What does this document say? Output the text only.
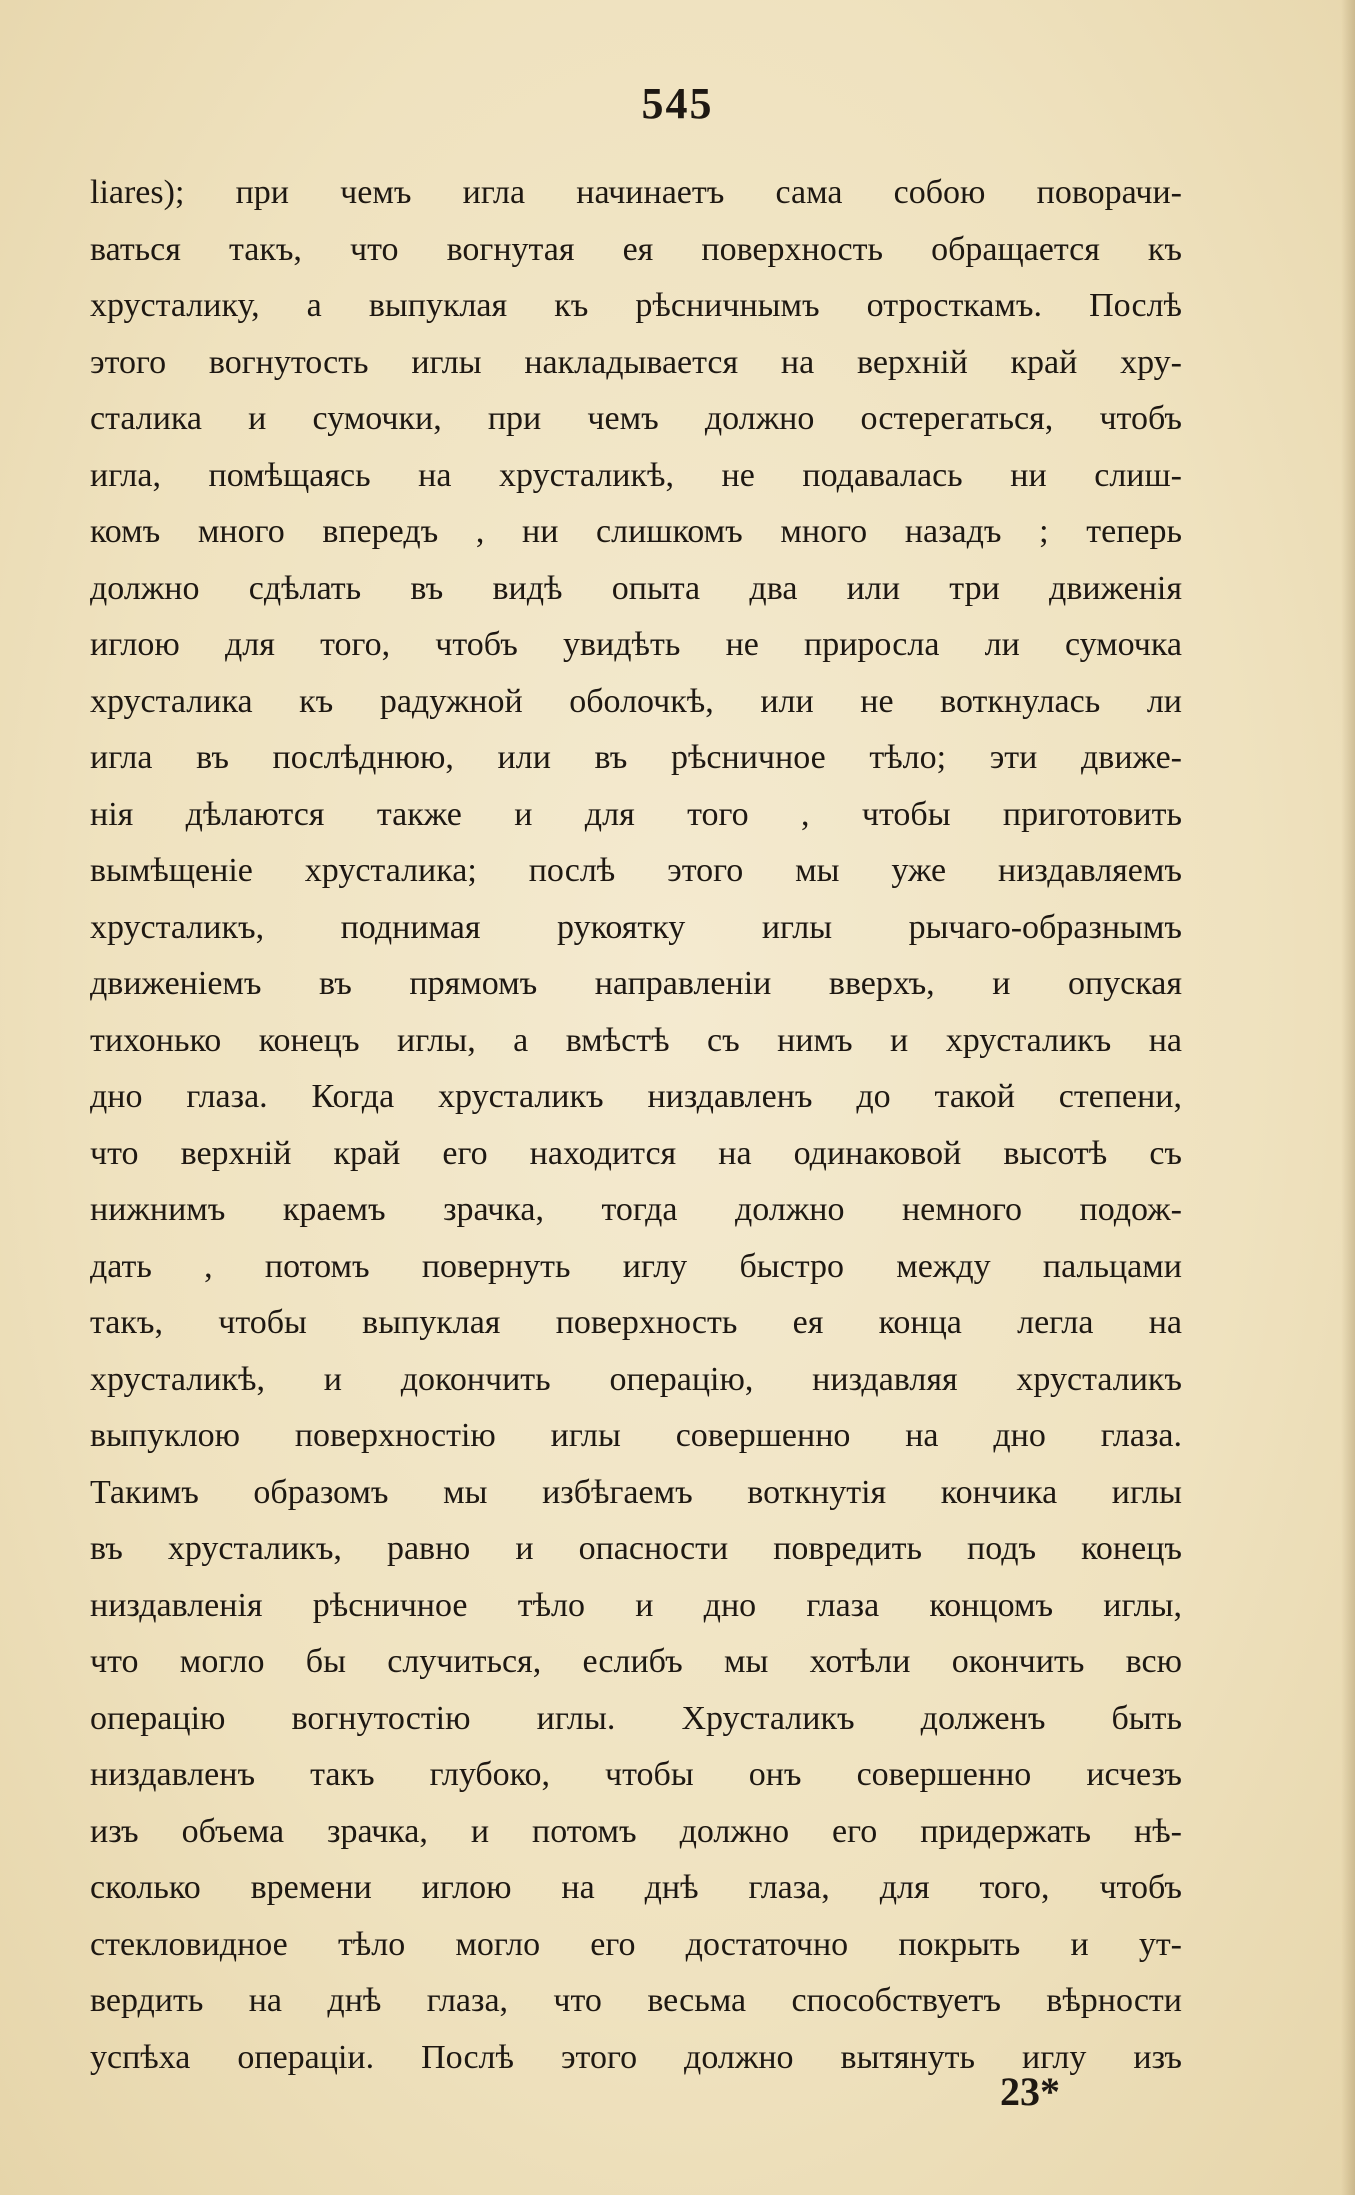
545
liares); при чемъ игла начинаетъ сама собою поворачи-
ваться такъ, что вогнутая ея поверхность обращается къ
хрусталику, а выпуклая къ рѣсничнымъ отросткамъ. Послѣ
этого вогнутость иглы накладывается на верхній край хру-
сталика и сумочки, при чемъ должно остерегаться, чтобъ
игла, помѣщаясь на хрусталикѣ, не подавалась ни слиш-
комъ много впередъ , ни слишкомъ много назадъ ; теперь
должно сдѣлать въ видѣ опыта два или три движенія
иглою для того, чтобъ увидѣть не приросла ли сумочка
хрусталика къ радужной оболочкѣ, или не воткнулась ли
игла въ послѣднюю, или въ рѣсничное тѣло; эти движе-
нія дѣлаются также и для того , чтобы приготовить
вымѣщеніе хрусталика; послѣ этого мы уже низдавляемъ
хрусталикъ, поднимая рукоятку иглы рычаго-образнымъ
движеніемъ въ прямомъ направленіи вверхъ, и опуская
тихонько конецъ иглы, а вмѣстѣ съ нимъ и хрусталикъ на
дно глаза. Когда хрусталикъ низдавленъ до такой степени,
что верхній край его находится на одинаковой высотѣ съ
нижнимъ краемъ зрачка, тогда должно немного подож-
дать , потомъ повернуть иглу быстро между пальцами
такъ, чтобы выпуклая поверхность ея конца легла на
хрусталикѣ, и докончить операцію, низдавляя хрусталикъ
выпуклою поверхностію иглы совершенно на дно глаза.
Такимъ образомъ мы избѣгаемъ воткнутія кончика иглы
въ хрусталикъ, равно и опасности повредить подъ конецъ
низдавленія рѣсничное тѣло и дно глаза концомъ иглы,
что могло бы случиться, еслибъ мы хотѣли окончить всю
операцію вогнутостію иглы. Хрусталикъ долженъ быть
низдавленъ такъ глубоко, чтобы онъ совершенно исчезъ
изъ объема зрачка, и потомъ должно его придержать нѣ-
сколько времени иглою на днѣ глаза, для того, чтобъ
стекловидное тѣло могло его достаточно покрыть и ут-
вердить на днѣ глаза, что весьма способствуетъ вѣрности
успѣха операціи. Послѣ этого должно вытянуть иглу изъ
23*
